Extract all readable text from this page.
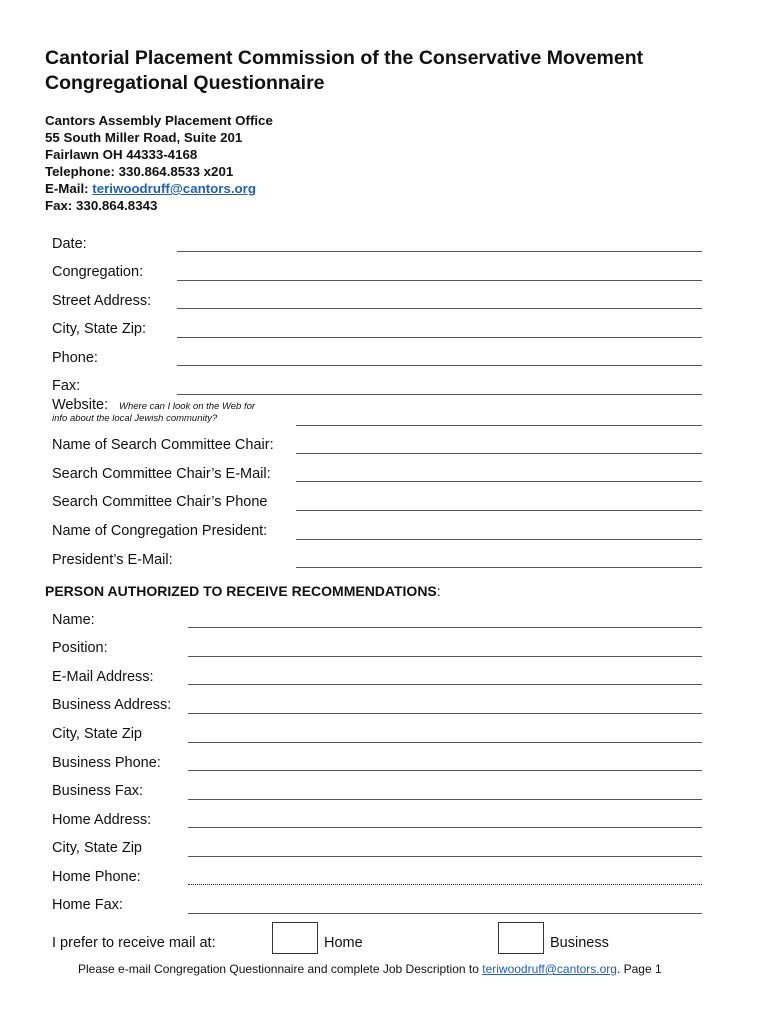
Cantorial Placement Commission of the Conservative Movement
Congregational Questionnaire
Cantors Assembly Placement Office
55 South Miller Road, Suite 201
Fairlawn OH 44333-4168
Telephone: 330.864.8533 x201
E-Mail: teriwoodruff@cantors.org
Fax: 330.864.8343
Date:
Congregation:
Street Address:
City, State Zip:
Phone:
Fax:
Website: Where can I look on the Web for
info about the local Jewish community?
Name of Search Committee Chair:
Search Committee Chair’s E-Mail:
Search Committee Chair’s Phone
Name of Congregation President:
President’s E-Mail:
PERSON AUTHORIZED TO RECEIVE RECOMMENDATIONS:
Name:
Position:
E-Mail Address:
Business Address:
City, State Zip
Business Phone:
Business Fax:
Home Address:
City, State Zip
Home Phone:
Home Fax:
I prefer to receive mail at:	Home	Business
Please e-mail Congregation Questionnaire and complete Job Description to teriwoodruff@cantors.org. Page 1
